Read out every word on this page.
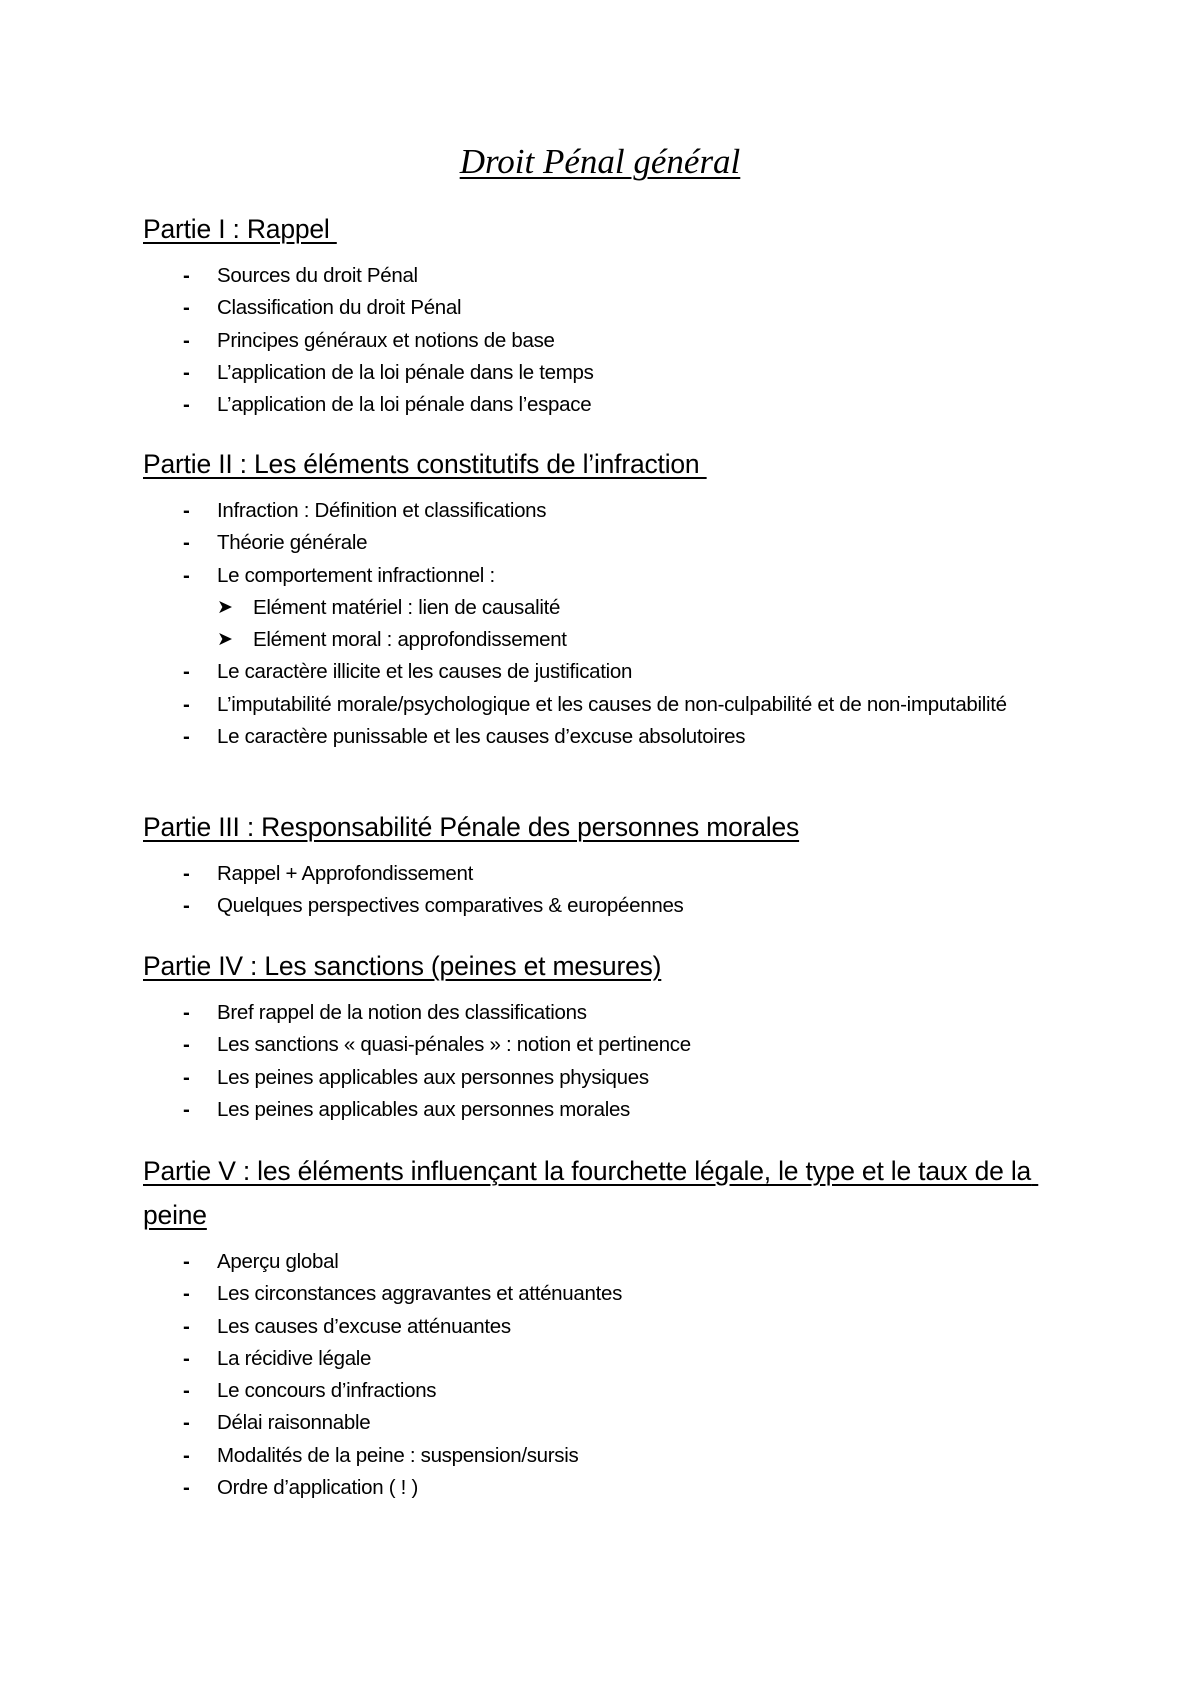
Droit Pénal général
Partie I : Rappel
- Sources du droit Pénal
- Classification du droit Pénal
- Principes généraux et notions de base
- L’application de la loi pénale dans le temps
- L’application de la loi pénale dans l’espace
Partie II : Les éléments constitutifs de l’infraction
- Infraction : Définition et classifications
- Théorie générale
- Le comportement infractionnel :
➤ Elément matériel : lien de causalité
➤ Elément moral : approfondissement
- Le caractère illicite et les causes de justification
- L’imputabilité morale/psychologique et les causes de non-culpabilité et de non-imputabilité
- Le caractère punissable et les causes d’excuse absolutoires
Partie III : Responsabilité Pénale des personnes morales
- Rappel + Approfondissement
- Quelques perspectives comparatives & européennes
Partie IV : Les sanctions (peines et mesures)
- Bref rappel de la notion des classifications
- Les sanctions « quasi-pénales » : notion et pertinence
- Les peines applicables aux personnes physiques
- Les peines applicables aux personnes morales
Partie V : les éléments influençant la fourchette légale, le type et le taux de la peine
- Aperçu global
- Les circonstances aggravantes et atténuantes
- Les causes d’excuse atténuantes
- La récidive légale
- Le concours d’infractions
- Délai raisonnable
- Modalités de la peine : suspension/sursis
- Ordre d’application ( ! )
